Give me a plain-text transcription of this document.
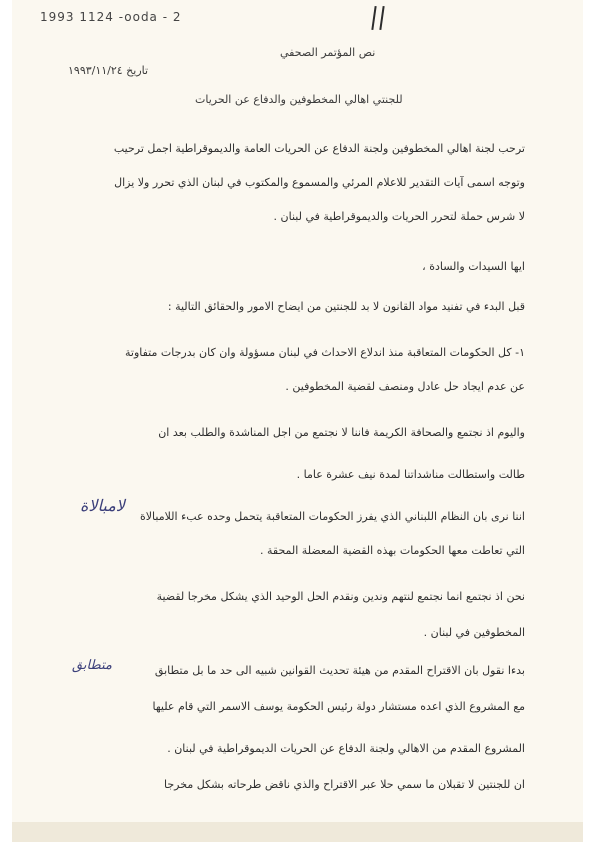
1993 1124 -ooda - 2
نص المؤتمر الصحفي
تاريخ ١٩٩٣/١١/٢٤
للجنتي اهالي المخطوفين والدفاع عن الحريات
ترحب لجنة اهالي المخطوفين ولجنة الدفاع عن الحريات العامة والديموقراطية اجمل ترحيب
وتوجه اسمى آيات التقدير للاعلام المرئي والمسموع والمكتوب في لبنان الذي تحرر ولا يزال
لا شرس حملة لتحرر الحريات والديموقراطية في لبنان .
ايها السيدات والسادة ،
قبل البدء في تفنيد مواد القانون لا بد للجنتين من ايضاح الامور والحقائق التالية :
١- كل الحكومات المتعاقبة منذ اندلاع الاحداث في لبنان مسؤولة وان كان بدرجات متفاوتة
عن عدم ايجاد حل عادل ومنصف لقضية المخطوفين .
واليوم اذ نجتمع والصحافة الكريمة فاننا لا نجتمع من اجل المناشدة والطلب بعد ان
طالت واستطالت مناشداتنا لمدة نيف عشرة عاما .
اننا نرى بان النظام اللبناني الذي يفرز الحكومات المتعاقبة يتحمل وحده عبء اللامبالاة
التي تعاطت معها الحكومات بهذه القضية المعضلة المحقة .
نحن اذ نجتمع انما نجتمع لنتهم وندين ونقدم الحل الوحيد الذي يشكل مخرجا لقضية
المخطوفين في لبنان .
بدءا نقول بان الاقتراح المقدم من هيئة تحديث القوانين شبيه الى حد ما بل متطابق
مع المشروع الذي اعده مستشار دولة رئيس الحكومة يوسف الاسمر التي قام عليها
المشروع المقدم من الاهالي ولجنة الدفاع عن الحريات الديموقراطية في لبنان .
ان للجنتين لا تقبلان ما سمي حلا عبر الاقتراح والذي ناقض طرحاته بشكل مخرجا
لامبالاة
متطابق
